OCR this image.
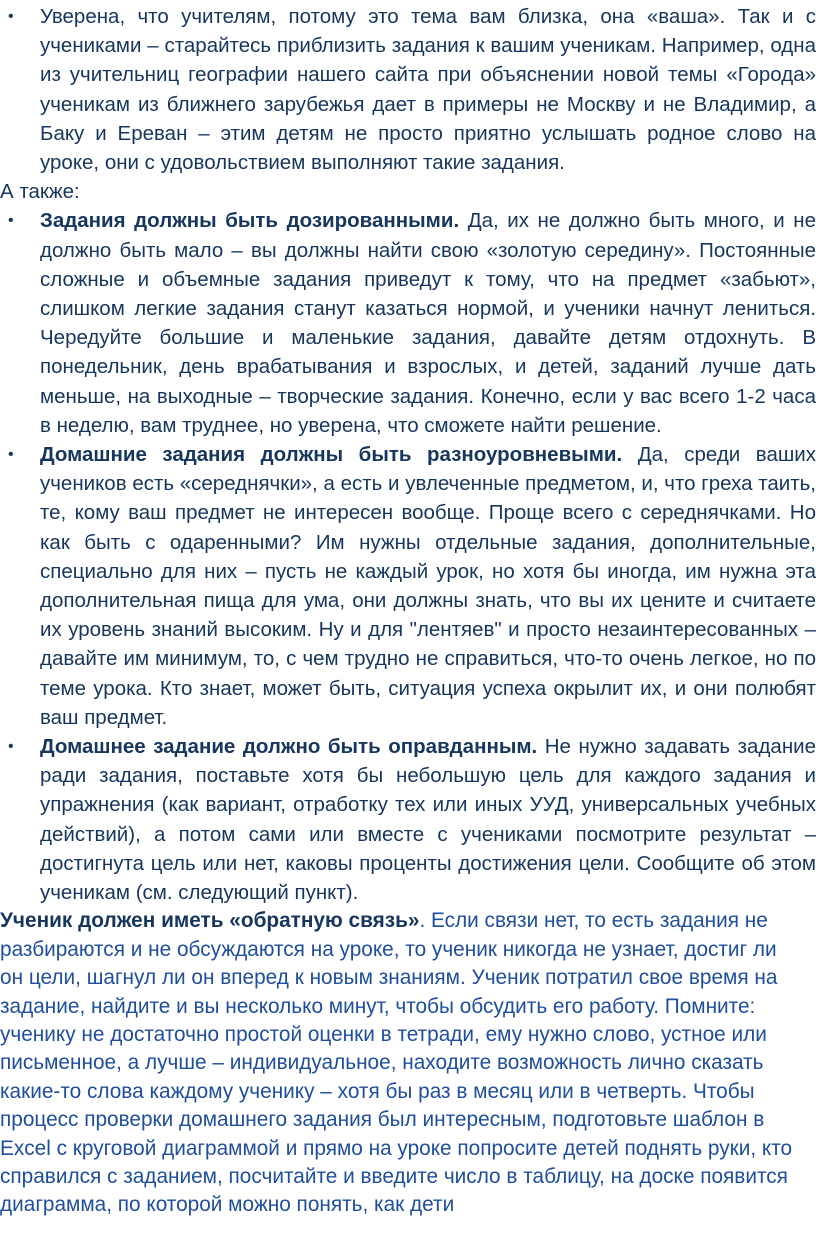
•	Уверена, что учителям, потому это тема вам близка, она «ваша». Так и с учениками – старайтесь приблизить задания к вашим ученикам. Например, одна из учительниц географии нашего сайта при объяснении новой темы «Города» ученикам из ближнего зарубежья дает в примеры не Москву и не Владимир, а Баку и Ереван – этим детям не просто приятно услышать родное слово на уроке, они с удовольствием выполняют такие задания.

А также:

•	Задания должны быть дозированными. Да, их не должно быть много, и не должно быть мало – вы должны найти свою «золотую середину». Постоянные сложные и объемные задания приведут к тому, что на предмет «забьют», слишком легкие задания станут казаться нормой, и ученики начнут лениться. Чередуйте большие и маленькие задания, давайте детям отдохнуть. В понедельник, день врабатывания и взрослых, и детей, заданий лучше дать меньше, на выходные – творческие задания. Конечно, если у вас всего 1-2 часа в неделю, вам труднее, но уверена, что сможете найти решение.
•	Домашние задания должны быть разноуровневыми. Да, среди ваших учеников есть «середнячки», а есть и увлеченные предметом, и, что греха таить, те, кому ваш предмет не интересен вообще. Проще всего с середнячками. Но как быть с одаренными? Им нужны отдельные задания, дополнительные, специально для них – пусть не каждый урок, но хотя бы иногда, им нужна эта дополнительная пища для ума, они должны знать, что вы их цените и считаете их уровень знаний высоким. Ну и для "лентяев" и просто незаинтересованных – давайте им минимум, то, с чем трудно не справиться, что-то очень легкое, но по теме урока. Кто знает, может быть, ситуация успеха окрылит их, и они полюбят ваш предмет.
•	Домашнее задание должно быть оправданным. Не нужно задавать задание ради задания, поставьте хотя бы небольшую цель для каждого задания и упражнения (как вариант, отработку тех или иных УУД, универсальных учебных действий), а потом сами или вместе с учениками посмотрите результат – достигнута цель или нет, каковы проценты достижения цели. Сообщите об этом ученикам (см. следующий пункт).

Ученик должен иметь «обратную связь». Если связи нет, то есть задания не разбираются и не обсуждаются на уроке, то ученик никогда не узнает, достиг ли он цели, шагнул ли он вперед к новым знаниям. Ученик потратил свое время на задание, найдите и вы несколько минут, чтобы обсудить его работу. Помните: ученику не достаточно простой оценки в тетради, ему нужно слово, устное или письменное, а лучше – индивидуальное, находите возможность лично сказать какие-то слова каждому ученику – хотя бы раз в месяц или в четверть. Чтобы процесс проверки домашнего задания был интересным, подготовьте шаблон в Excel с круговой диаграммой и прямо на уроке попросите детей поднять руки, кто справился с заданием, посчитайте и введите число в таблицу, на доске появится диаграмма, по которой можно понять, как дети
